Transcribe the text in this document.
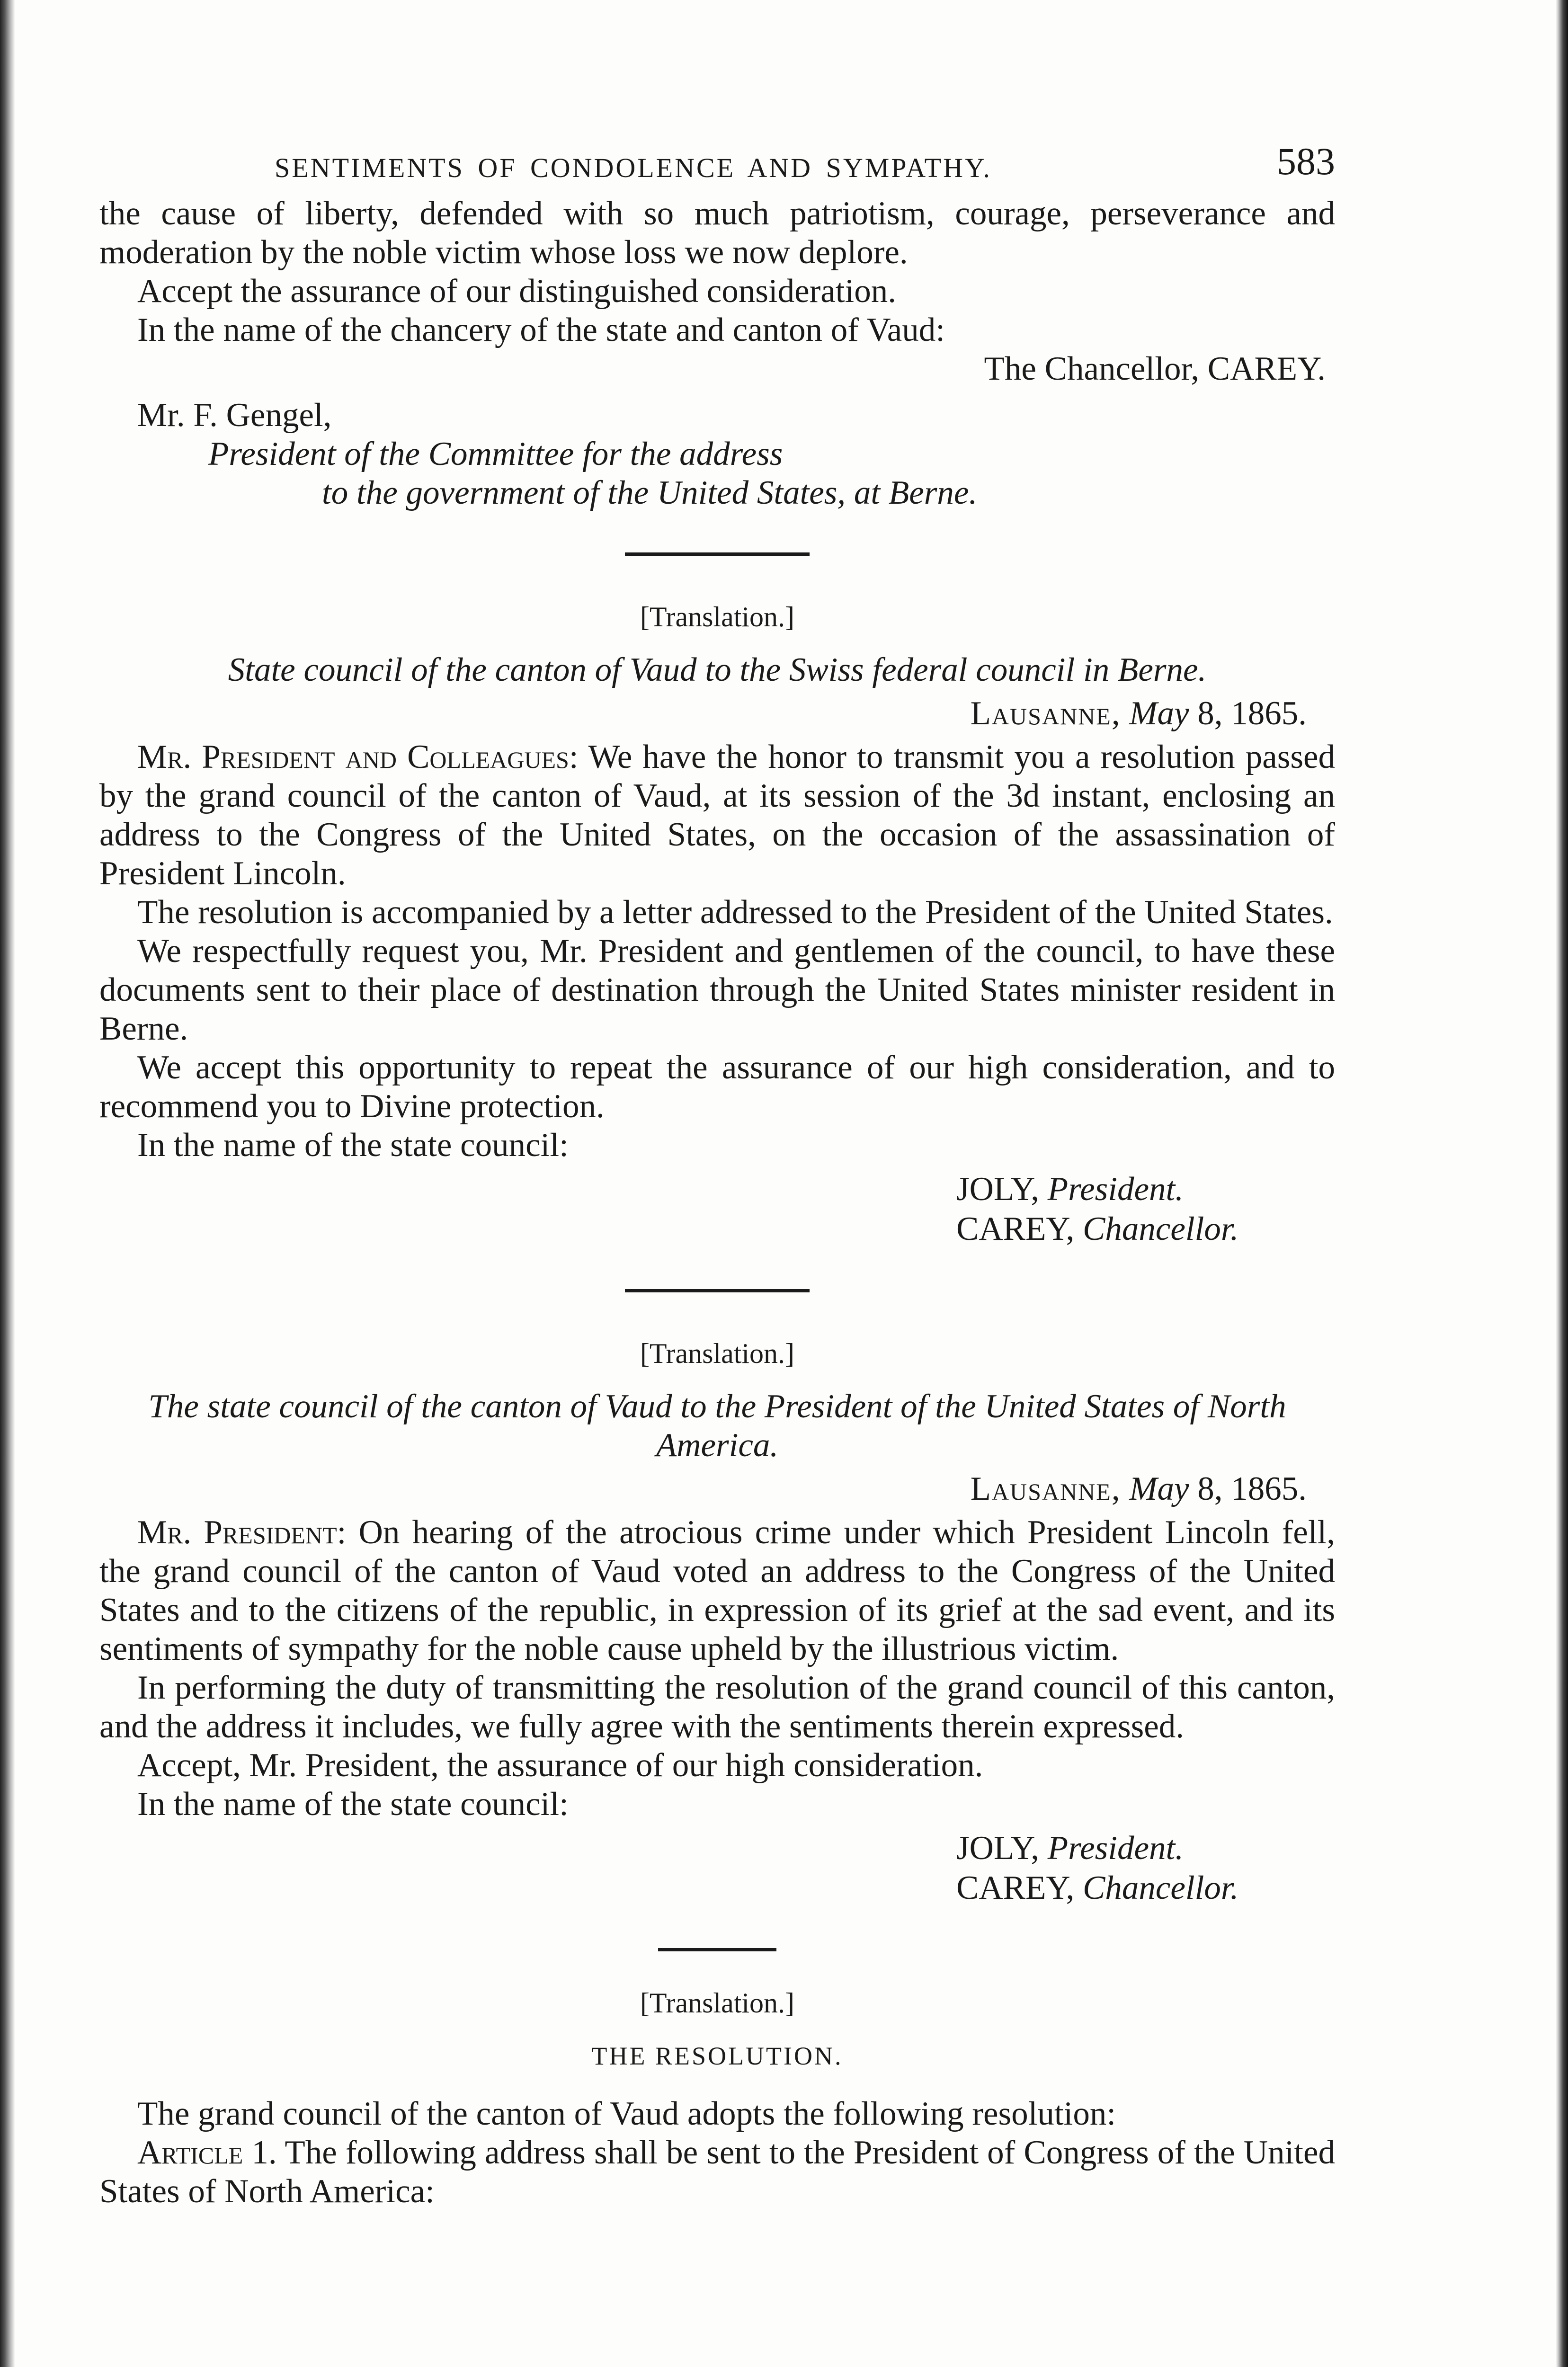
SENTIMENTS OF CONDOLENCE AND SYMPATHY.	583

the cause of liberty, defended with so much patriotism, courage, perseverance and moderation by the noble victim whose loss we now deplore.

Accept the assurance of our distinguished consideration.

In the name of the chancery of the state and canton of Vaud:

The Chancellor, CAREY.

Mr. F. Gengel,
President of the Committee for the address
to the government of the United States, at Berne.
[Translation.]
State council of the canton of Vaud to the Swiss federal council in Berne.
Lausanne, May 8, 1865.

Mr. President and Colleagues: We have the honor to transmit you a resolution passed by the grand council of the canton of Vaud, at its session of the 3d instant, enclosing an address to the Congress of the United States, on the occasion of the assassination of President Lincoln.

The resolution is accompanied by a letter addressed to the President of the United States.

We respectfully request you, Mr. President and gentlemen of the council, to have these documents sent to their place of destination through the United States minister resident in Berne.

We accept this opportunity to repeat the assurance of our high consideration, and to recommend you to Divine protection.

In the name of the state council:

JOLY, President.
CAREY, Chancellor.
[Translation.]
The state council of the canton of Vaud to the President of the United States of North America.
Lausanne, May 8, 1865.

Mr. President: On hearing of the atrocious crime under which President Lincoln fell, the grand council of the canton of Vaud voted an address to the Congress of the United States and to the citizens of the republic, in expression of its grief at the sad event, and its sentiments of sympathy for the noble cause upheld by the illustrious victim.

In performing the duty of transmitting the resolution of the grand council of this canton, and the address it includes, we fully agree with the sentiments therein expressed.

Accept, Mr. President, the assurance of our high consideration.

In the name of the state council:

JOLY, President.
CAREY, Chancellor.
[Translation.]
THE RESOLUTION.

The grand council of the canton of Vaud adopts the following resolution:

Article 1. The following address shall be sent to the President of Congress of the United States of North America:
